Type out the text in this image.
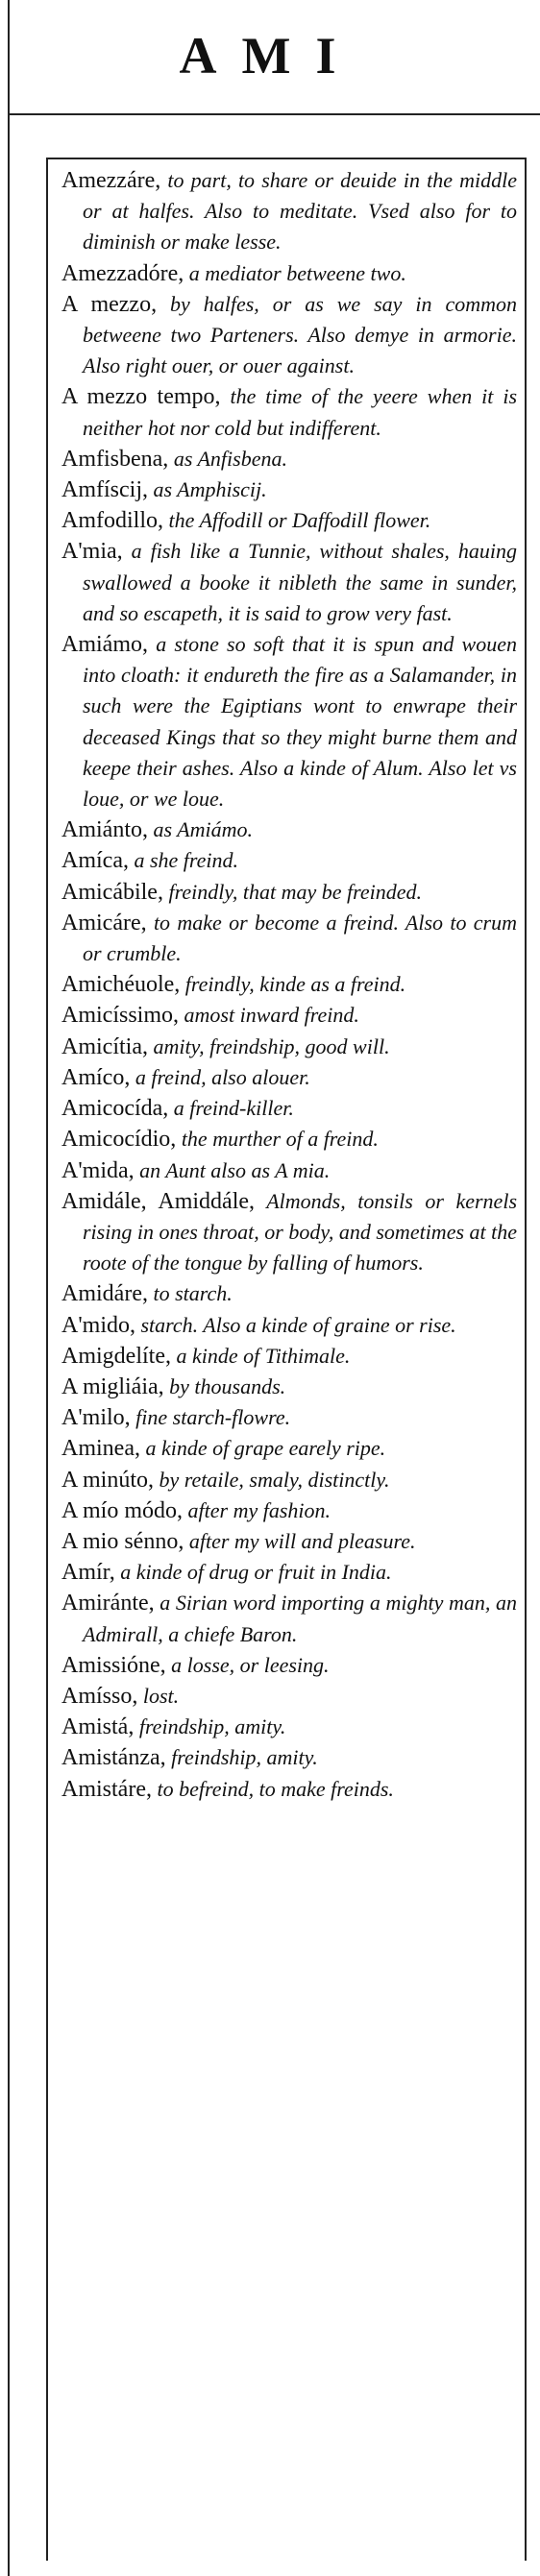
AMI
Amezzáre, to part, to share or deuide in the middle or at halfes. Also to meditate. Vsed also for to diminish or make lesse.
Amezzadóre, a mediator betweene two.
A mezzo, by halfes, or as we say in common betweene two Parteners. Also demye in armorie. Also right ouer, or ouer against.
A mezzo tempo, the time of the yeere when it is neither hot nor cold but indifferent.
Amfisbena, as Anfisbena.
Amfíscij, as Amphiscij.
Amfodillo, the Affodill or Daffodill flower.
A'mia, a fish like a Tunnie, without shales, hauing swallowed a booke it nibleth the same in sunder, and so escapeth, it is said to grow very fast.
Amiámo, a stone so soft that it is spun and wouen into cloath: it endureth the fire as a Salamander, in such were the Egiptians wont to enwrape their deceased Kings that so they might burne them and keepe their ashes. Also a kinde of Alum. Also let vs loue, or we loue.
Amiánto, as Amiámo.
Amíca, a she freind.
Amicábile, freindly, that may be freinded.
Amicáre, to make or become a freind. Also to crum or crumble.
Amichéuole, freindly, kinde as a freind.
Amicíssimo, amost inward freind.
Amicítia, amity, freindship, good will.
Amíco, a freind, also alouer.
Amicocída, a freind-killer.
Amicocídio, the murther of a freind.
A'mida, an Aunt also as A mia.
Amidále, Amiddále, Almonds, tonsils or kernels rising in ones throat, or body, and sometimes at the roote of the tongue by falling of humors.
Amidáre, to starch.
A'mido, starch. Also a kinde of graine or rise.
Amigdelíte, a kinde of Tithimale.
A migliáia, by thousands.
A'milo, fine starch-flowre.
Aminea, a kinde of grape earely ripe.
A minúto, by retaile, smaly, distinctly.
A mío módo, after my fashion.
A mio sénno, after my will and pleasure.
Amír, a kinde of drug or fruit in India.
Amiránte, a Sirian word importing a mighty man, an Admirall, a chiefe Baron.
Amissióne, a losse, or leesing.
Amísso, lost.
Amistá, freindship, amity.
Amistánza, freindship, amity.
Amistáre, to befreind, to make freinds.
